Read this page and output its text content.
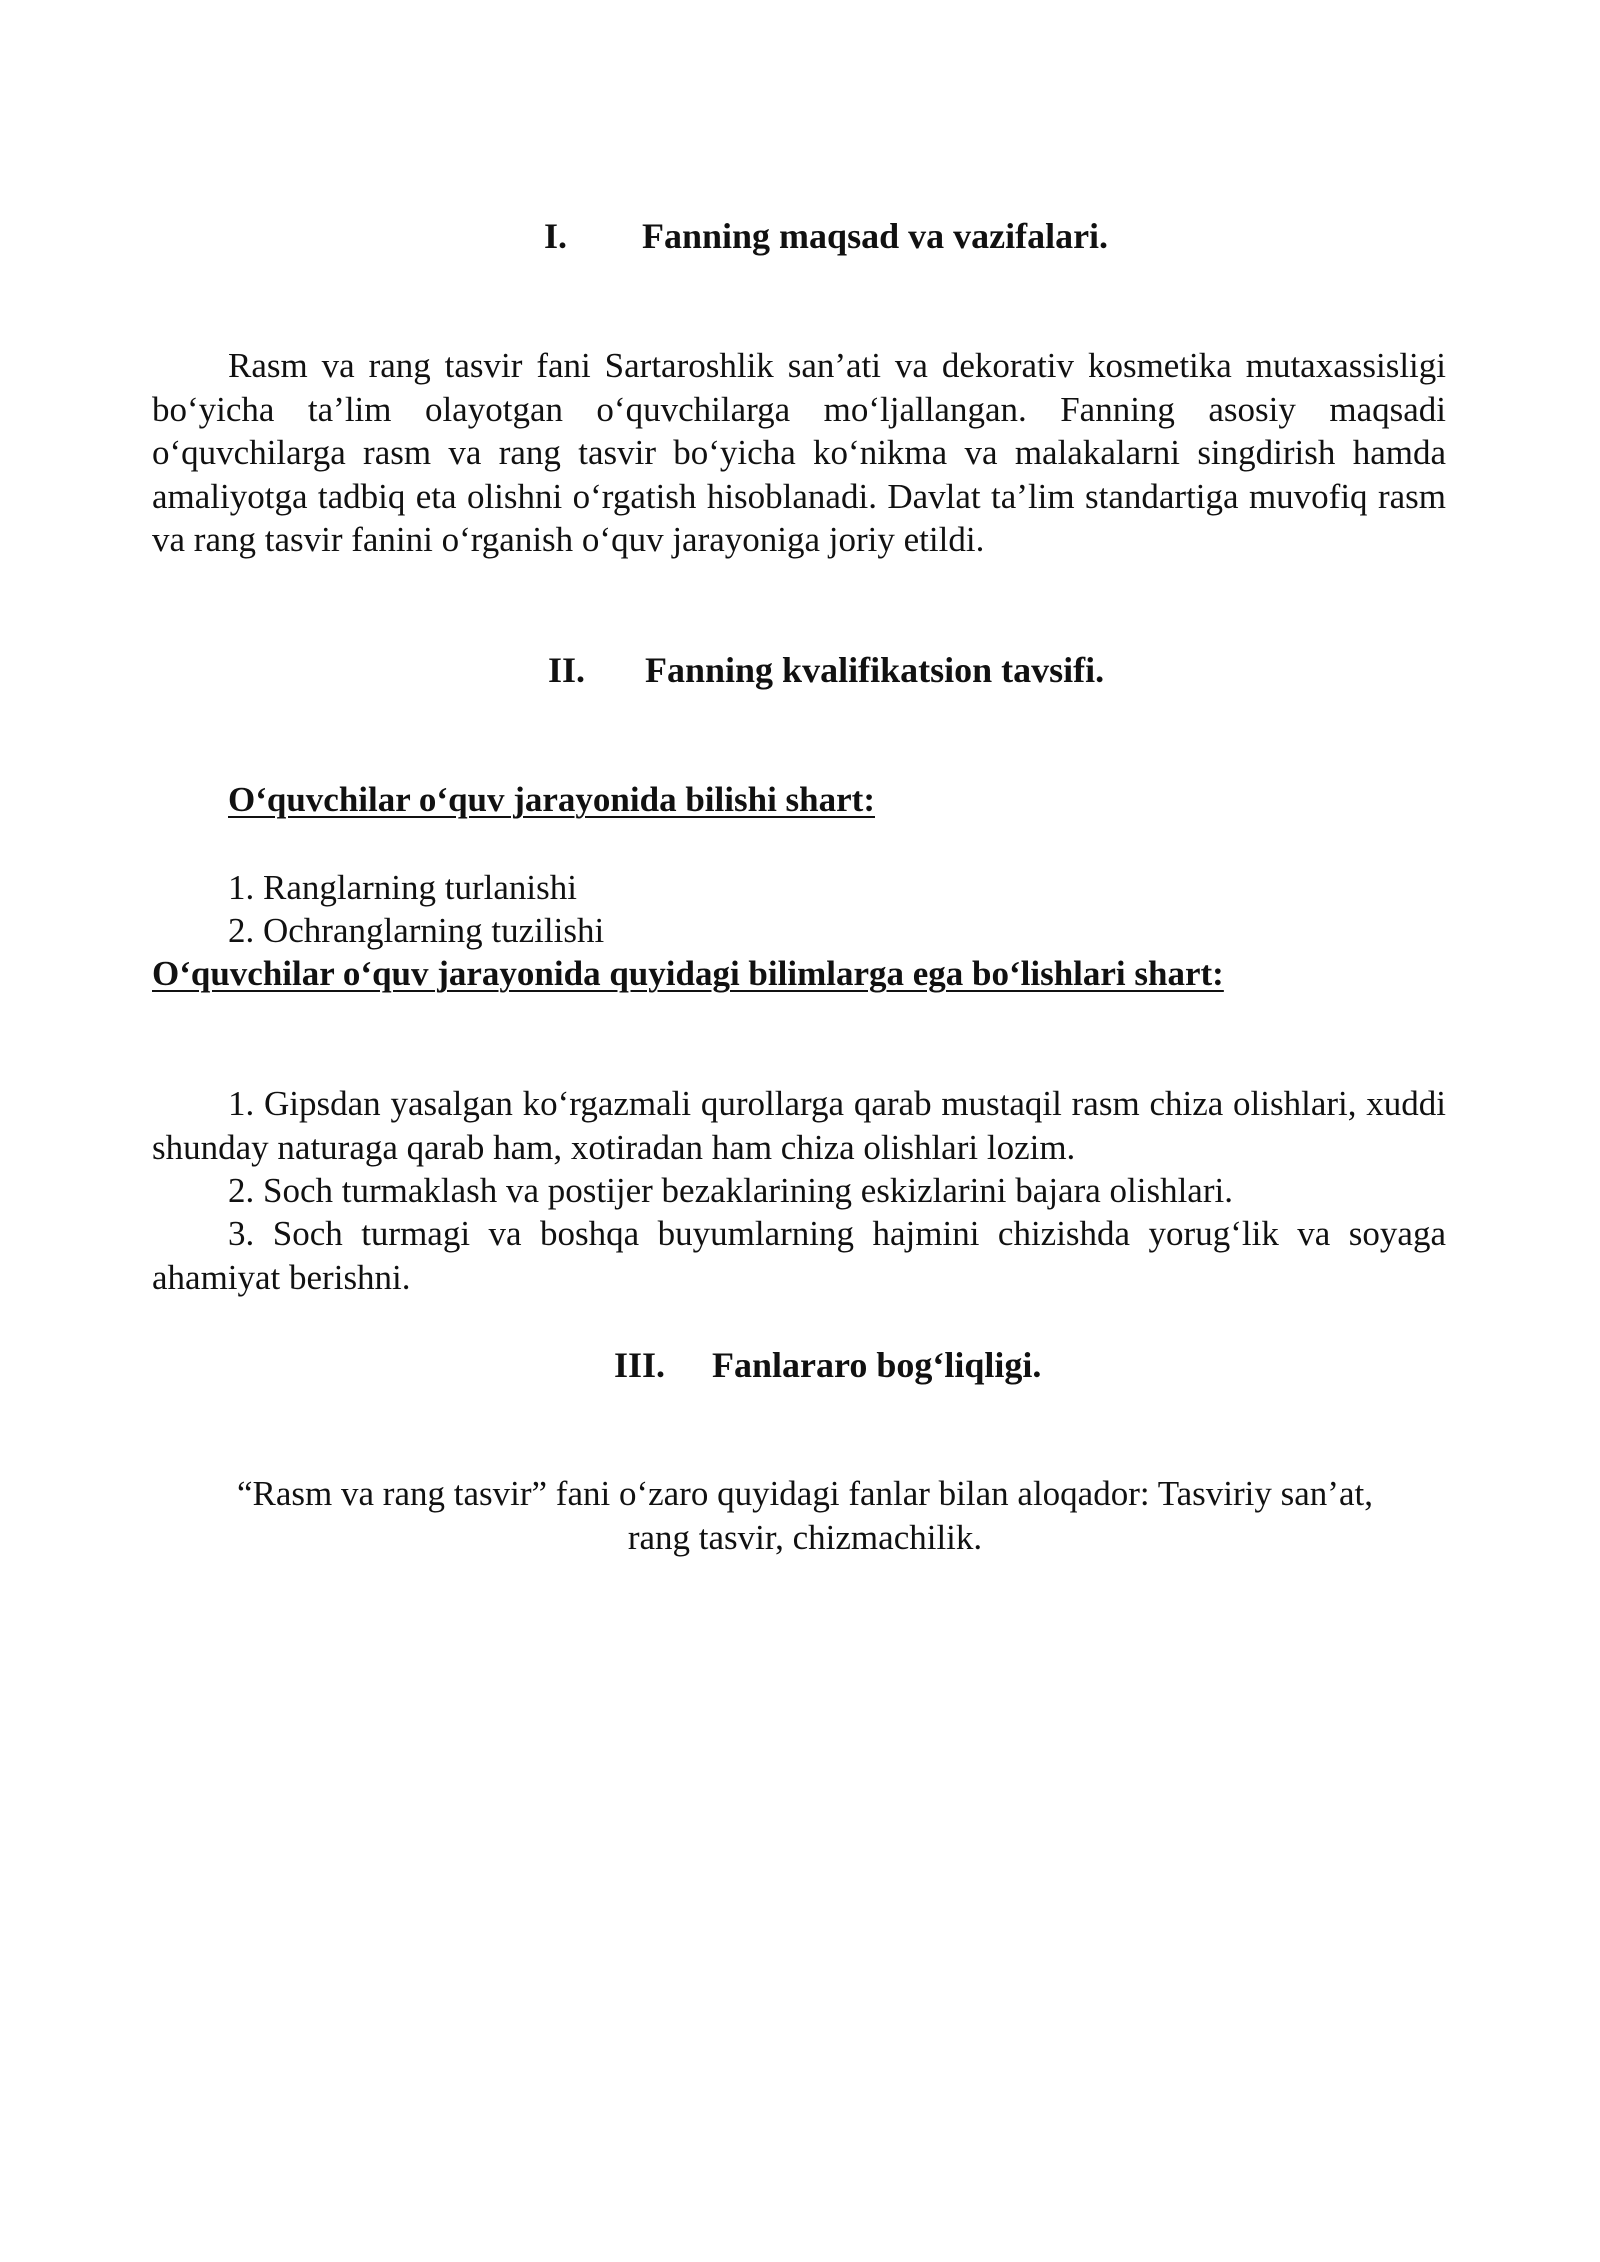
I. Fanning maqsad va vazifalari.

Rasm va rang tasvir fani Sartaroshlik san’ati va dekorativ kosmetika mutaxassisligi bo‘yicha ta’lim olayotgan o‘quvchilarga mo‘ljallangan. Fanning asosiy maqsadi o‘quvchilarga rasm va rang tasvir bo‘yicha ko‘nikma va malakalarni singdirish hamda amaliyotga tadbiq eta olishni o‘rgatish hisoblanadi. Davlat ta’lim standartiga muvofiq rasm va rang tasvir fanini o‘rganish o‘quv jarayoniga joriy etildi.

II. Fanning kvalifikatsion tavsifi.
O‘quvchilar o‘quv jarayonida bilishi shart:
1. Ranglarning turlanishi
2. Ochranglarning tuzilishi
O‘quvchilar o‘quv jarayonida quyidagi bilimlarga ega bo‘lishlari shart:

1. Gipsdan yasalgan ko‘rgazmali qurollarga qarab mustaqil rasm chiza olishlari, xuddi shunday naturaga qarab ham, xotiradan ham chiza olishlari lozim.

2. Soch turmaklash va postijer bezaklarining eskizlarini bajara olishlari.

3. Soch turmagi va boshqa buyumlarning hajmini chizishda yorug‘lik va soyaga ahamiyat berishni.

III. Fanlararo bog‘liqligi.

“Rasm va rang tasvir” fani o‘zaro quyidagi fanlar bilan aloqador: Tasviriy san’at, rang tasvir, chizmachilik.
